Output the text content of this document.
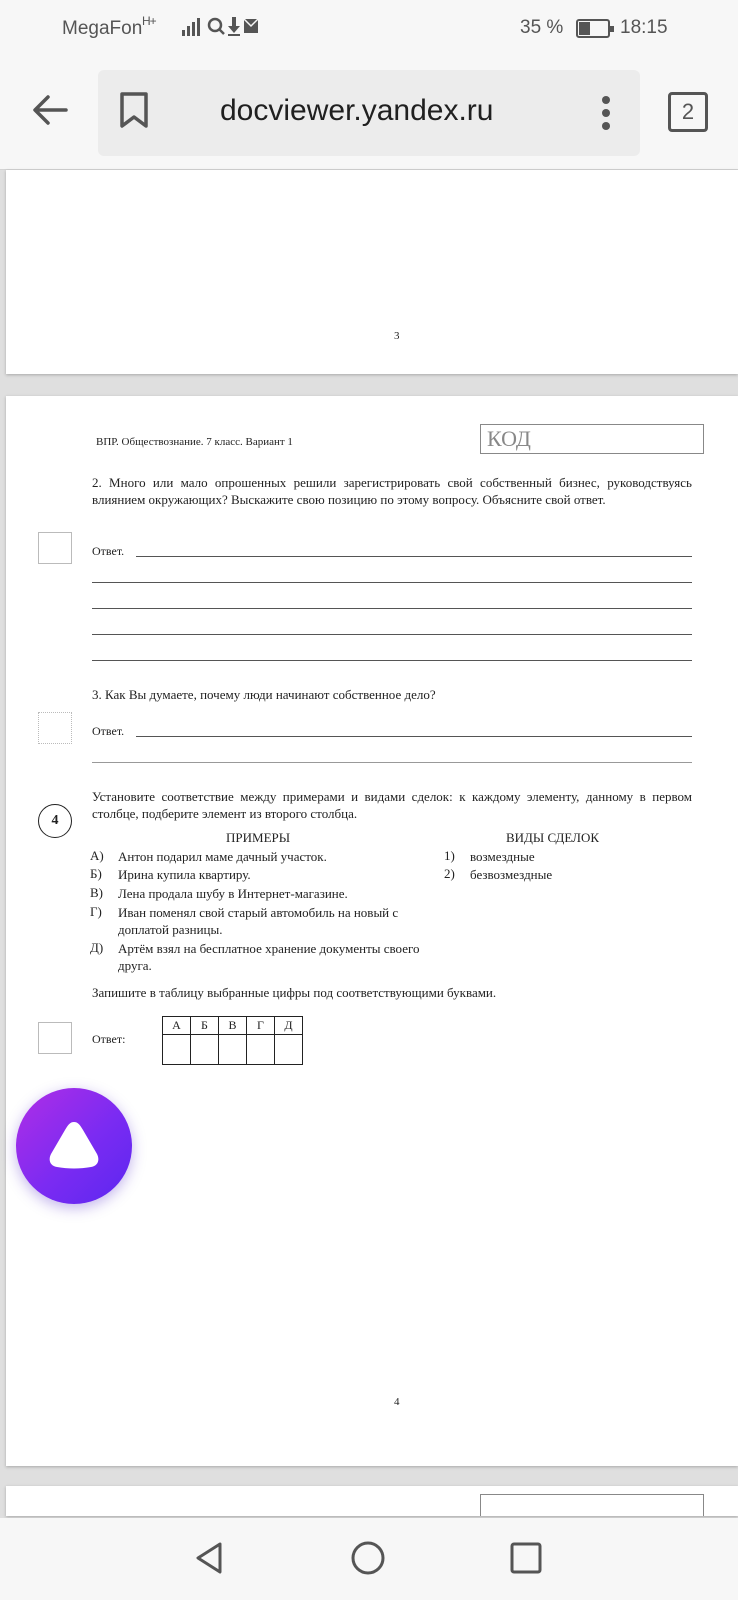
MegaFon H+	35 %	18:15
docviewer.yandex.ru	2
3
ВПР. Обществознание. 7 класс. Вариант 1	КОД
2. Много или мало опрошенных решили зарегистрировать свой собственный бизнес, руководствуясь влиянием окружающих? Выскажите свою позицию по этому вопросу. Объясните свой ответ.
Ответ.
3. Как Вы думаете, почему люди начинают собственное дело?
Ответ.
4
Установите соответствие между примерами и видами сделок: к каждому элементу, данному в первом столбце, подберите элемент из второго столбца.
ПРИМЕРЫ	ВИДЫ СДЕЛОК
А) Антон подарил маме дачный участок.
Б) Ирина купила квартиру.
В) Лена продала шубу в Интернет-магазине.
Г) Иван поменял свой старый автомобиль на новый с доплатой разницы.
Д) Артём взял на бесплатное хранение документы своего друга.
1) возмездные
2) безвозмездные
Запишите в таблицу выбранные цифры под соответствующими буквами.
Ответ:
А	Б	В	Г	Д

4
